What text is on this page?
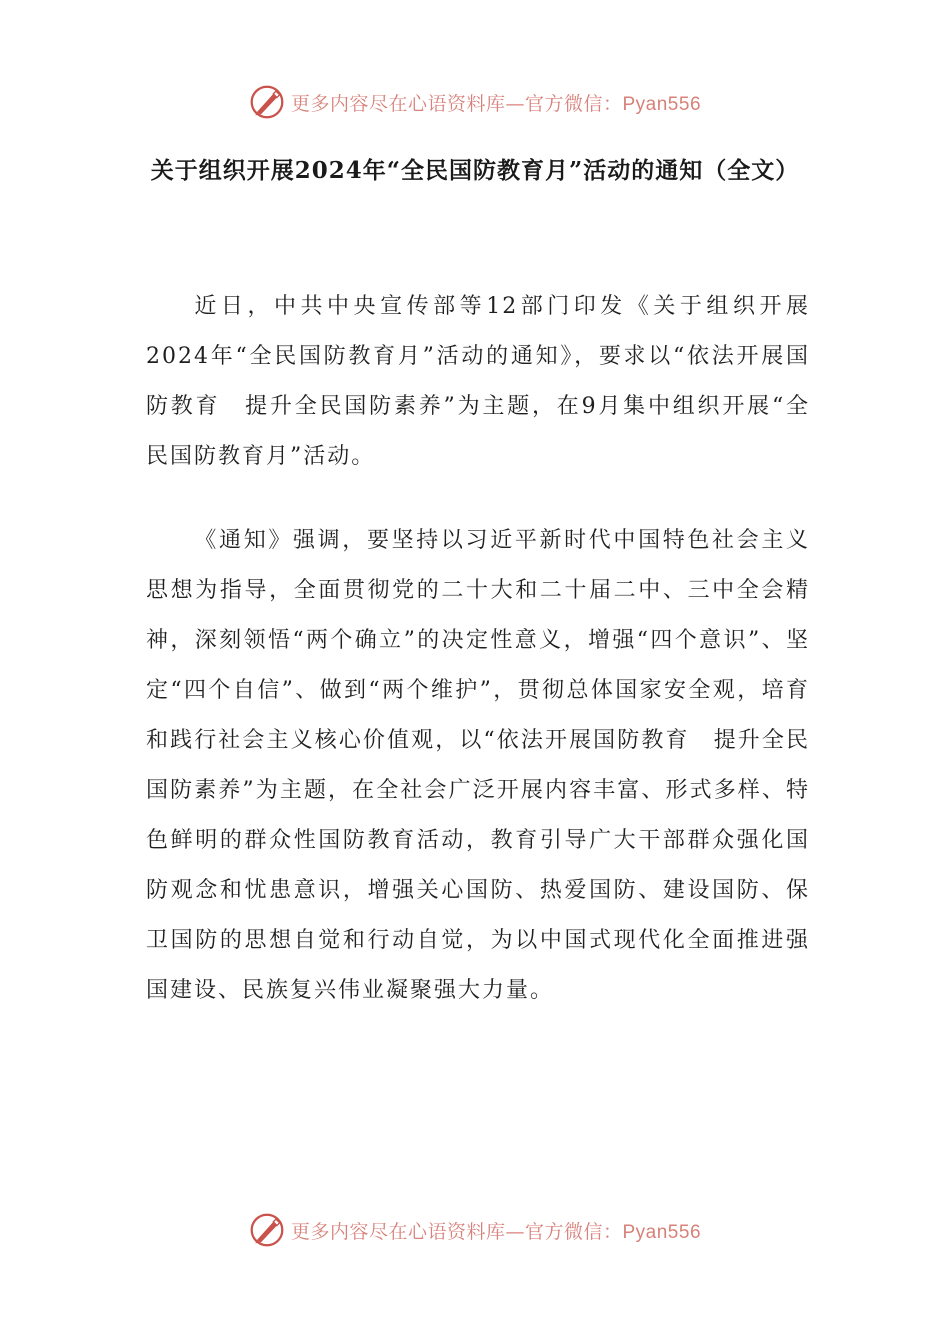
更多内容尽在心语资料库—官方微信：Pyan556
关于组织开展2024年“全民国防教育月”活动的通知（全文）

近日，中共中央宣传部等12部门印发《关于组织开展2024年“全民国防教育月”活动的通知》，要求以“依法开展国防教育　提升全民国防素养”为主题，在9月集中组织开展“全民国防教育月”活动。

《通知》强调，要坚持以习近平新时代中国特色社会主义思想为指导，全面贯彻党的二十大和二十届二中、三中全会精神，深刻领悟“两个确立”的决定性意义，增强“四个意识”、坚定“四个自信”、做到“两个维护”，贯彻总体国家安全观，培育和践行社会主义核心价值观，以“依法开展国防教育　提升全民国防素养”为主题，在全社会广泛开展内容丰富、形式多样、特色鲜明的群众性国防教育活动，教育引导广大干部群众强化国防观念和忧患意识，增强关心国防、热爱国防、建设国防、保卫国防的思想自觉和行动自觉，为以中国式现代化全面推进强国建设、民族复兴伟业凝聚强大力量。

更多内容尽在心语资料库—官方微信：Pyan556
